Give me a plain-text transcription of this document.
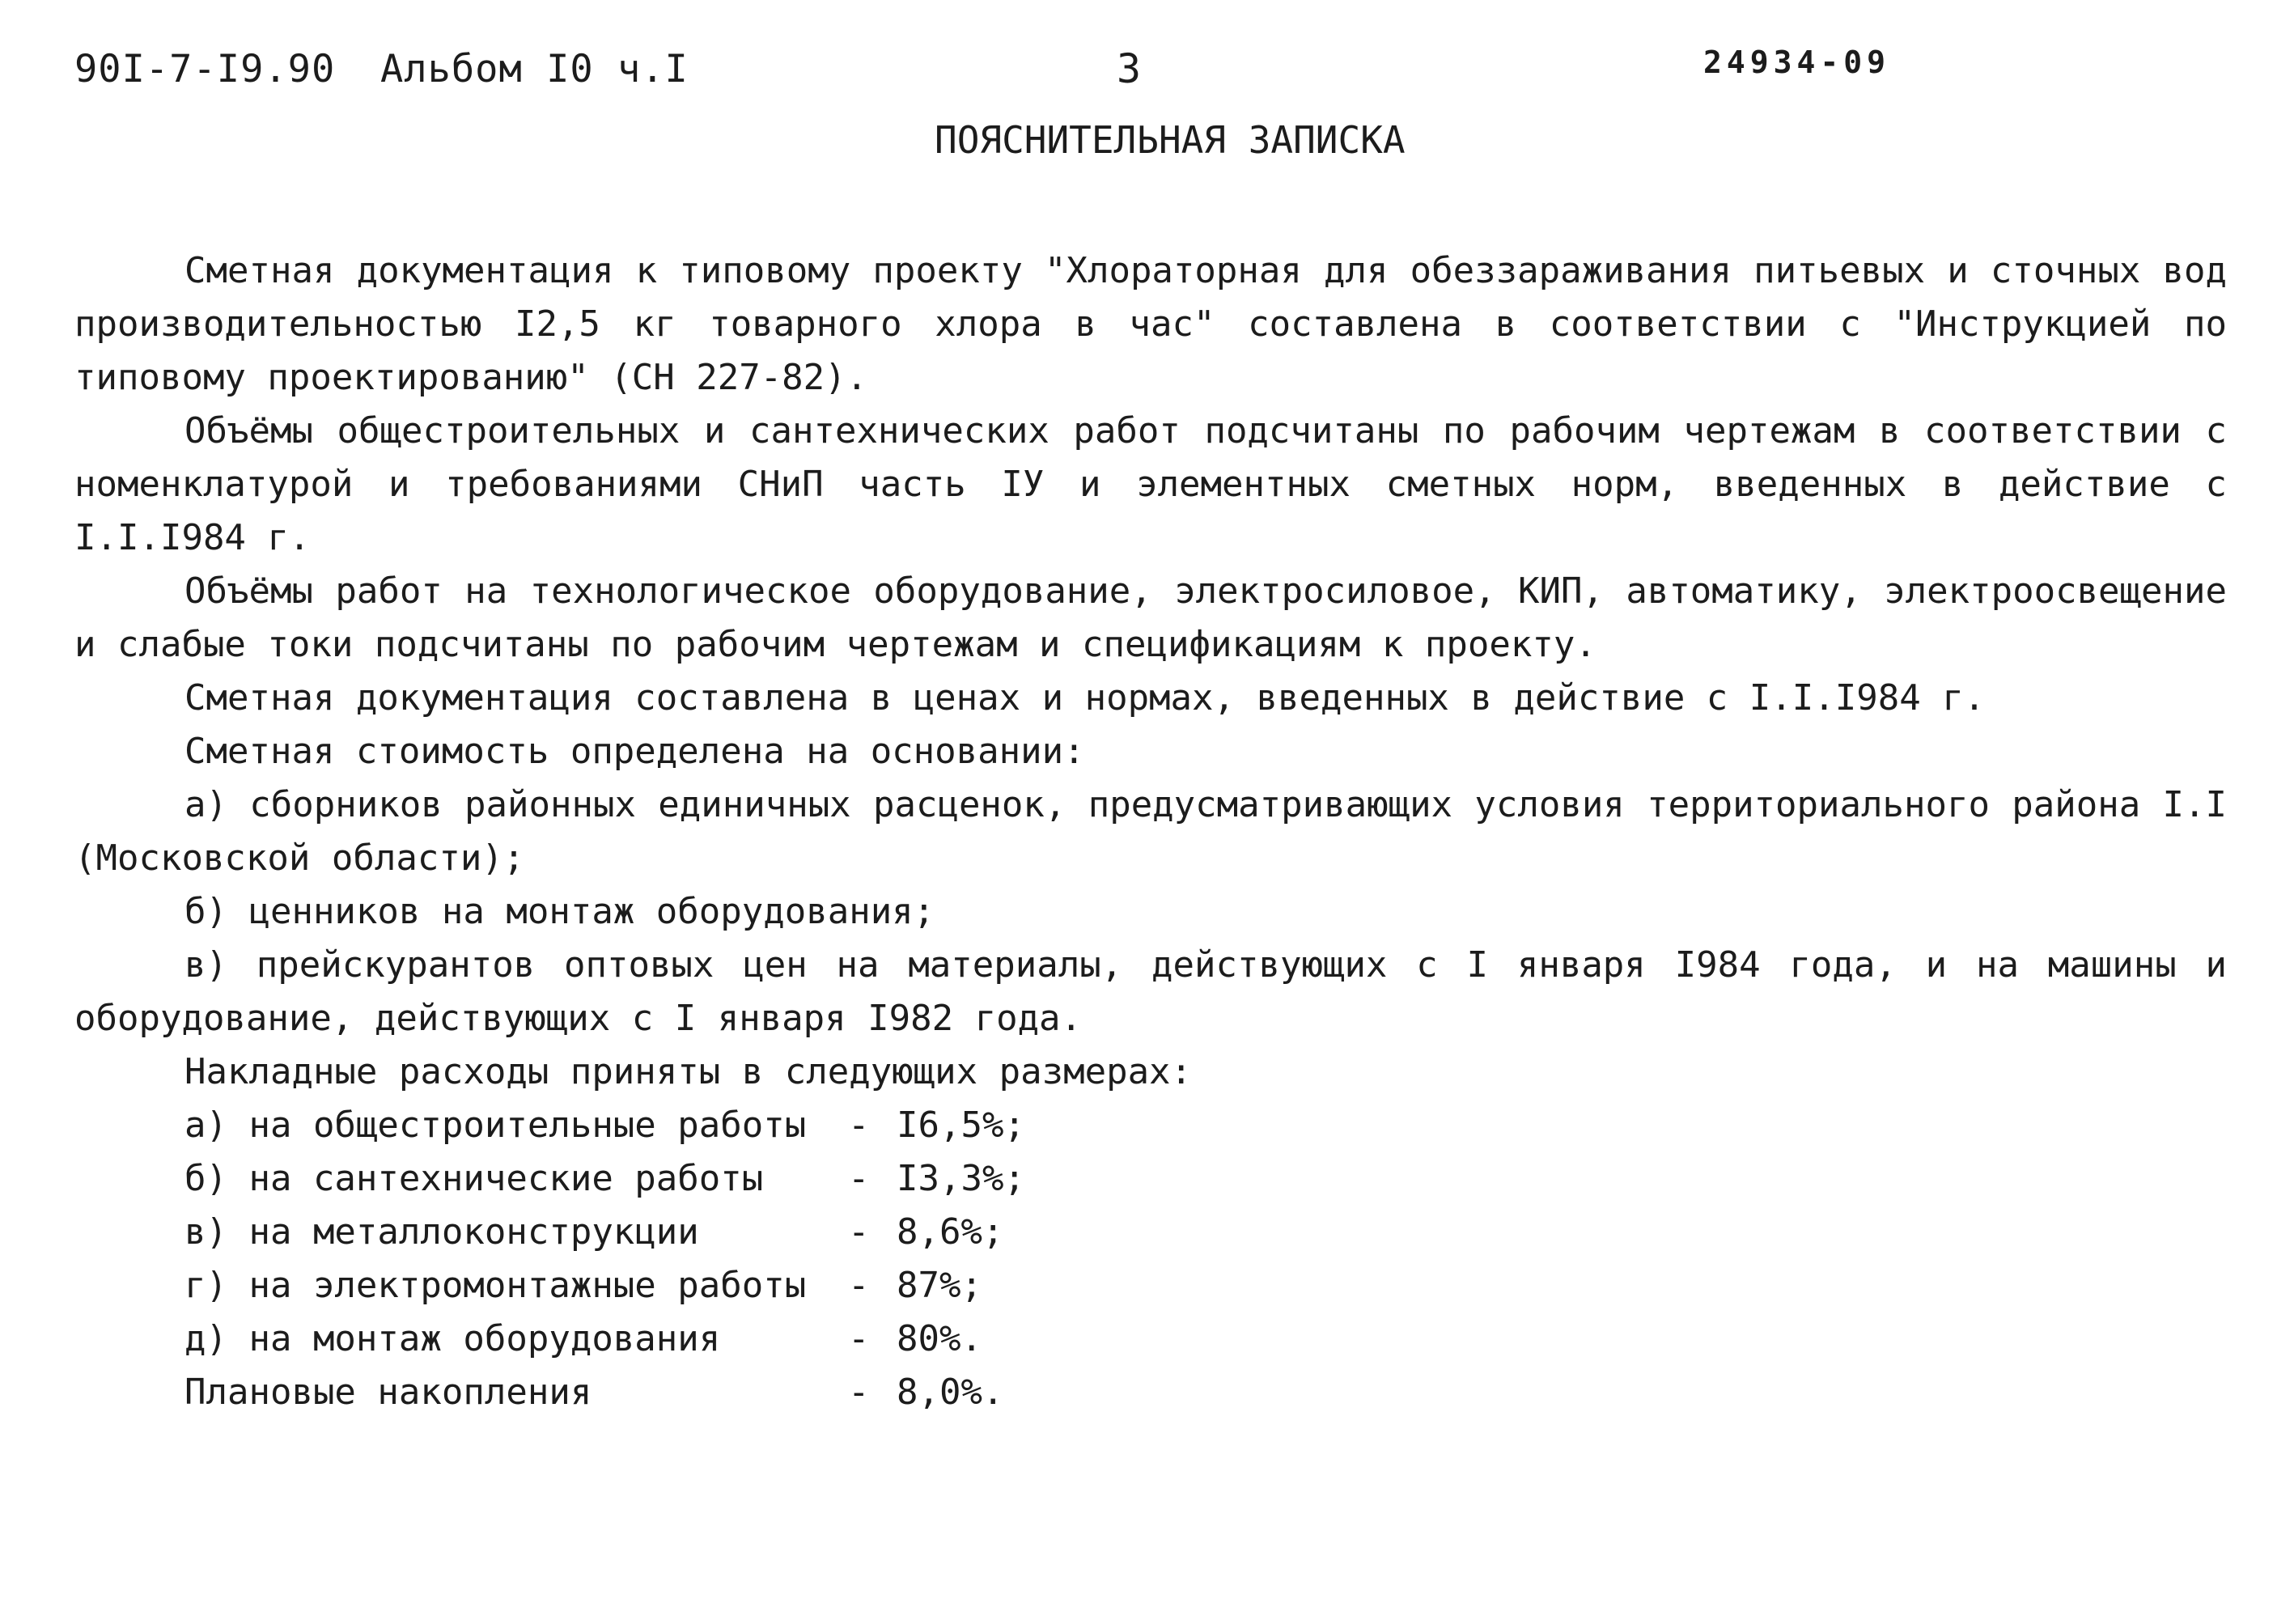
90I-7-I9.90 Альбом I0 ч.I	3	24934-09
ПОЯСНИТЕЛЬНАЯ ЗАПИСКА

Сметная документация к типовому проекту "Хлораторная для обеззараживания питьевых и сточных вод производительностью I2,5 кг товарного хлора в час" составлена в соответствии с "Инструкцией по типовому проектированию" (СН 227-82).

Объёмы общестроительных и сантехнических работ подсчитаны по рабочим чертежам в соответствии с номенклатурой и требованиями СНиП часть IУ и элементных сметных норм, введенных в действие с I.I.I984 г.

Объёмы работ на технологическое оборудование, электросиловое, КИП, автоматику, электроосвещение и слабые токи подсчитаны по рабочим чертежам и спецификациям к проекту.

Сметная документация составлена в ценах и нормах, введенных в действие с I.I.I984 г.

Сметная стоимость определена на основании:

а) сборников районных единичных расценок, предусматривающих условия территориального района I.I (Московской области);

б) ценников на монтаж оборудования;

в) прейскурантов оптовых цен на материалы, действующих с I января I984 года, и на машины и оборудование, действующих с I января I982 года.

Накладные расходы приняты в следующих размерах:

а) на общестроительные работы	- I6,5%;
б) на сантехнические работы	- I3,3%;
в) на металлоконструкции	- 8,6%;
г) на электромонтажные работы	- 87%;
д) на монтаж оборудования	- 80%.
Плановые накопления	- 8,0%.
